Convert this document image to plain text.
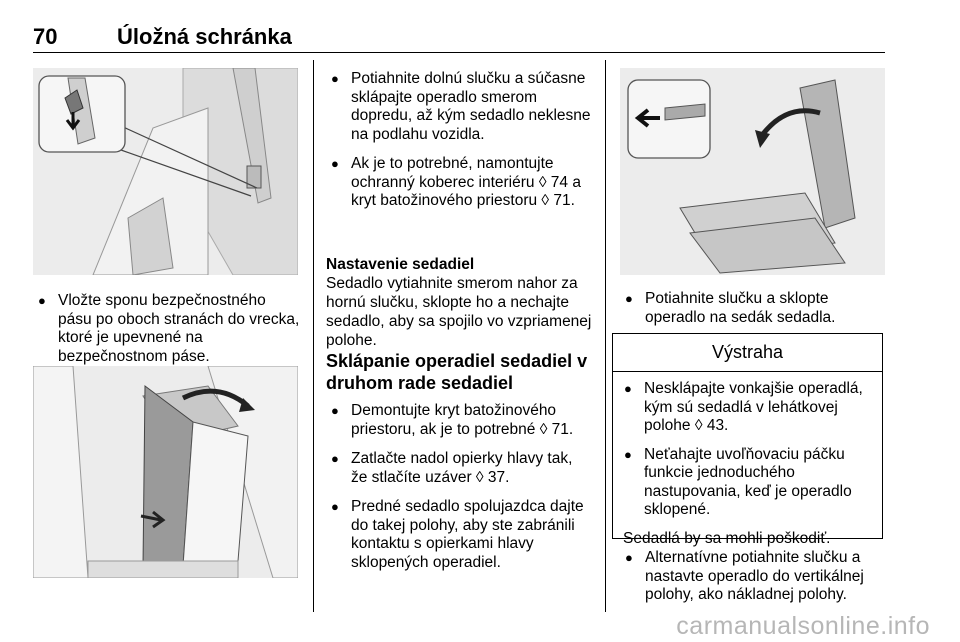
70	Úložná schránka
● Vložte sponu bezpečnostného pásu po oboch stranách do vrecka, ktoré je upevnené na bezpečnostnom páse.
● Potiahnite dolnú slučku a súčasne sklápajte operadlo smerom dopredu, až kým sedadlo neklesne na podlahu vozidla.
● Ak je to potrebné, namontujte ochranný koberec interiéru ◊ 74 a kryt batožinového priestoru ◊ 71.
Nastavenie sedadiel
Sedadlo vytiahnite smerom nahor za hornú slučku, sklopte ho a nechajte sedadlo, aby sa spojilo vo vzpriamenej polohe.
Sklápanie operadiel sedadiel v druhom rade sedadiel
● Demontujte kryt batožinového priestoru, ak je to potrebné ◊ 71.
● Zatlačte nadol opierky hlavy tak, že stlačíte uzáver ◊ 37.
● Predné sedadlo spolujazdca dajte do takej polohy, aby ste zabránili kontaktu s opierkami hlavy sklopených operadiel.
● Potiahnite slučku a sklopte operadlo na sedák sedadla.
Výstraha
● Nesklápajte vonkajšie operadlá, kým sú sedadlá v lehátkovej polohe ◊ 43.
● Neťahajte uvoľňovaciu páčku funkcie jednoduchého nastupovania, keď je operadlo sklopené.

Sedadlá by sa mohli poškodiť.

● Alternatívne potiahnite slučku a nastavte operadlo do vertikálnej polohy, ako nákladnej polohy.
carmanualsonline.info
